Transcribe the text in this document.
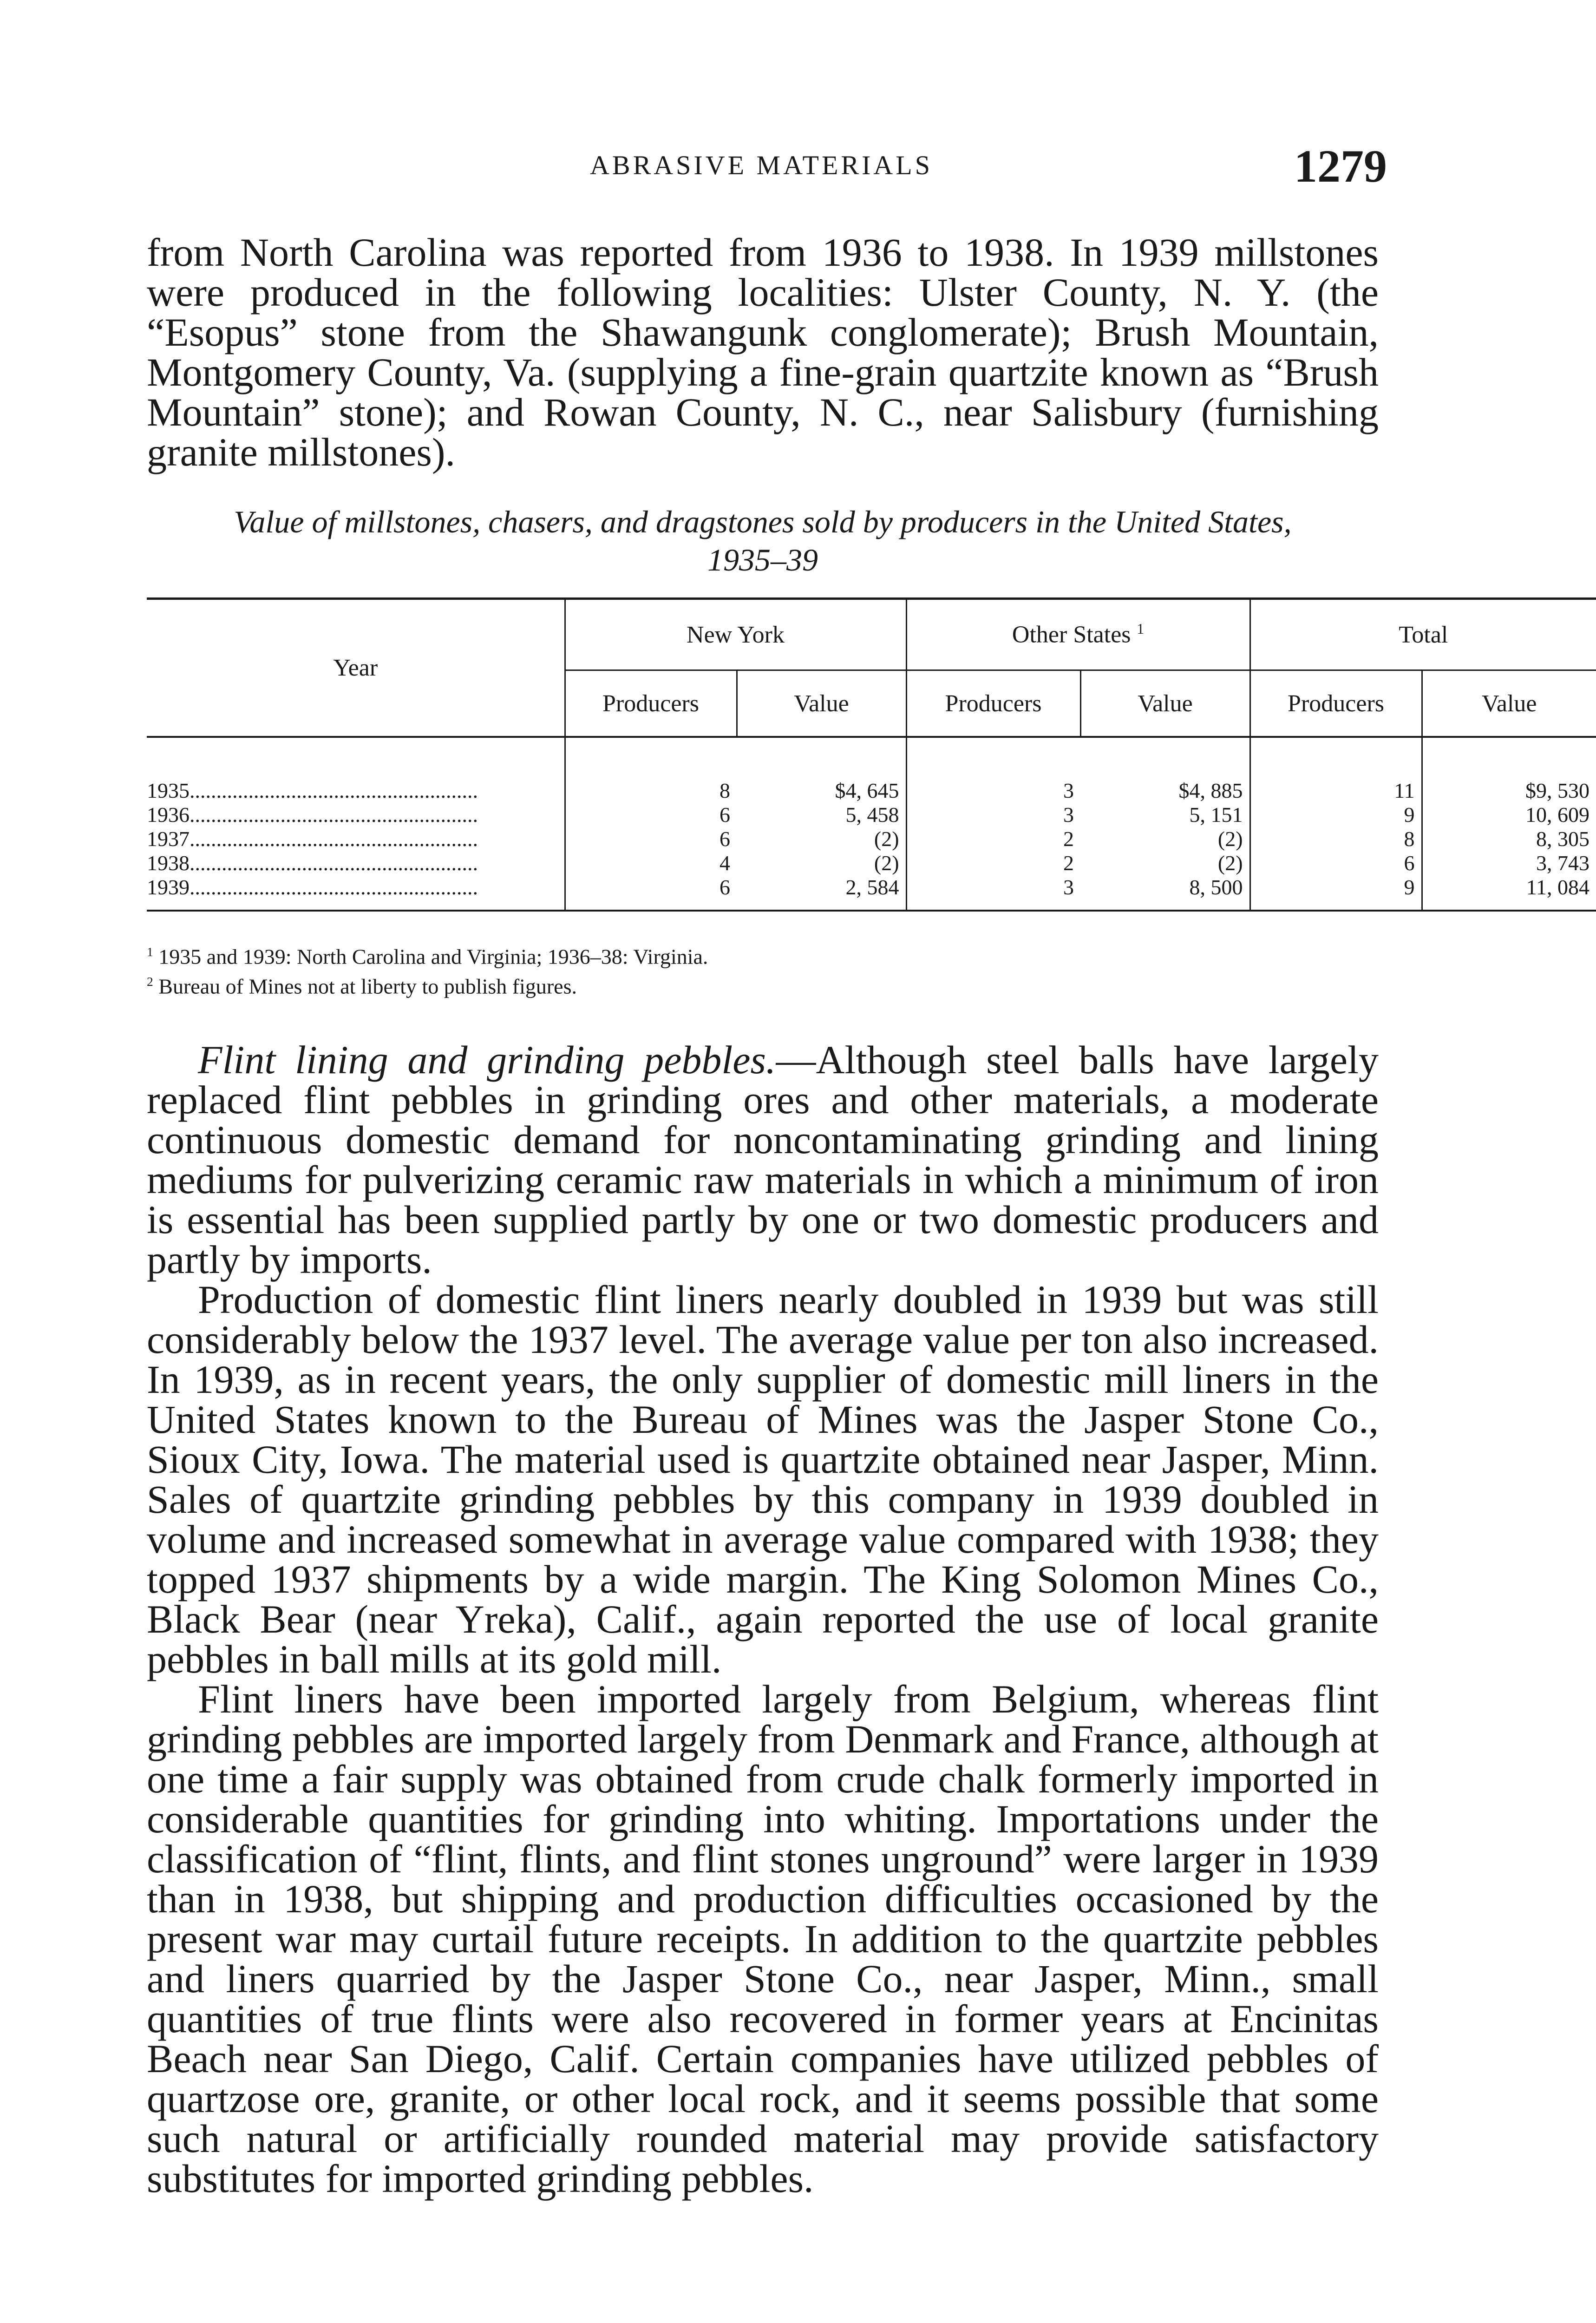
ABRASIVE MATERIALS	1279

from North Carolina was reported from 1936 to 1938. In 1939 millstones were produced in the following localities: Ulster County, N. Y. (the “Esopus” stone from the Shawangunk conglomerate); Brush Mountain, Montgomery County, Va. (supplying a fine-grain quartzite known as “Brush Mountain” stone); and Rowan County, N. C., near Salisbury (furnishing granite millstones).

Value of millstones, chasers, and dragstones sold by producers in the United States,
1935–39
Year	New York		Other States $^1$		Total	
	Producers	Value	Producers	Value	Producers	Value
1935......................................................	8	$4, 645	3	$4, 885	11	$9, 530
1936......................................................	6	5, 458	3	5, 151	9	10, 609
1937......................................................	6	(2)	2	(2)	8	8, 305
1938......................................................	4	(2)	2	(2)	6	3, 743
1939......................................................	6	2, 584	3	8, 500	9	11, 084

$^1$ 1935 and 1939: North Carolina and Virginia; 1936–38: Virginia.

$^2$ Bureau of Mines not at liberty to publish figures.

Flint lining and grinding pebbles.—Although steel balls have largely replaced flint pebbles in grinding ores and other materials, a moderate continuous domestic demand for noncontaminating grinding and lining mediums for pulverizing ceramic raw materials in which a minimum of iron is essential has been supplied partly by one or two domestic producers and partly by imports.

Production of domestic flint liners nearly doubled in 1939 but was still considerably below the 1937 level. The average value per ton also increased. In 1939, as in recent years, the only supplier of domestic mill liners in the United States known to the Bureau of Mines was the Jasper Stone Co., Sioux City, Iowa. The material used is quartzite obtained near Jasper, Minn. Sales of quartzite grinding pebbles by this company in 1939 doubled in volume and increased somewhat in average value compared with 1938; they topped 1937 shipments by a wide margin. The King Solomon Mines Co., Black Bear (near Yreka), Calif., again reported the use of local granite pebbles in ball mills at its gold mill.

Flint liners have been imported largely from Belgium, whereas flint grinding pebbles are imported largely from Denmark and France, although at one time a fair supply was obtained from crude chalk formerly imported in considerable quantities for grinding into whiting. Importations under the classification of “flint, flints, and flint stones unground” were larger in 1939 than in 1938, but shipping and production difficulties occasioned by the present war may curtail future receipts. In addition to the quartzite pebbles and liners quarried by the Jasper Stone Co., near Jasper, Minn., small quantities of true flints were also recovered in former years at Encinitas Beach near San Diego, Calif. Certain companies have utilized pebbles of quartzose ore, granite, or other local rock, and it seems possible that some such natural or artificially rounded material may provide satisfactory substitutes for imported grinding pebbles.
